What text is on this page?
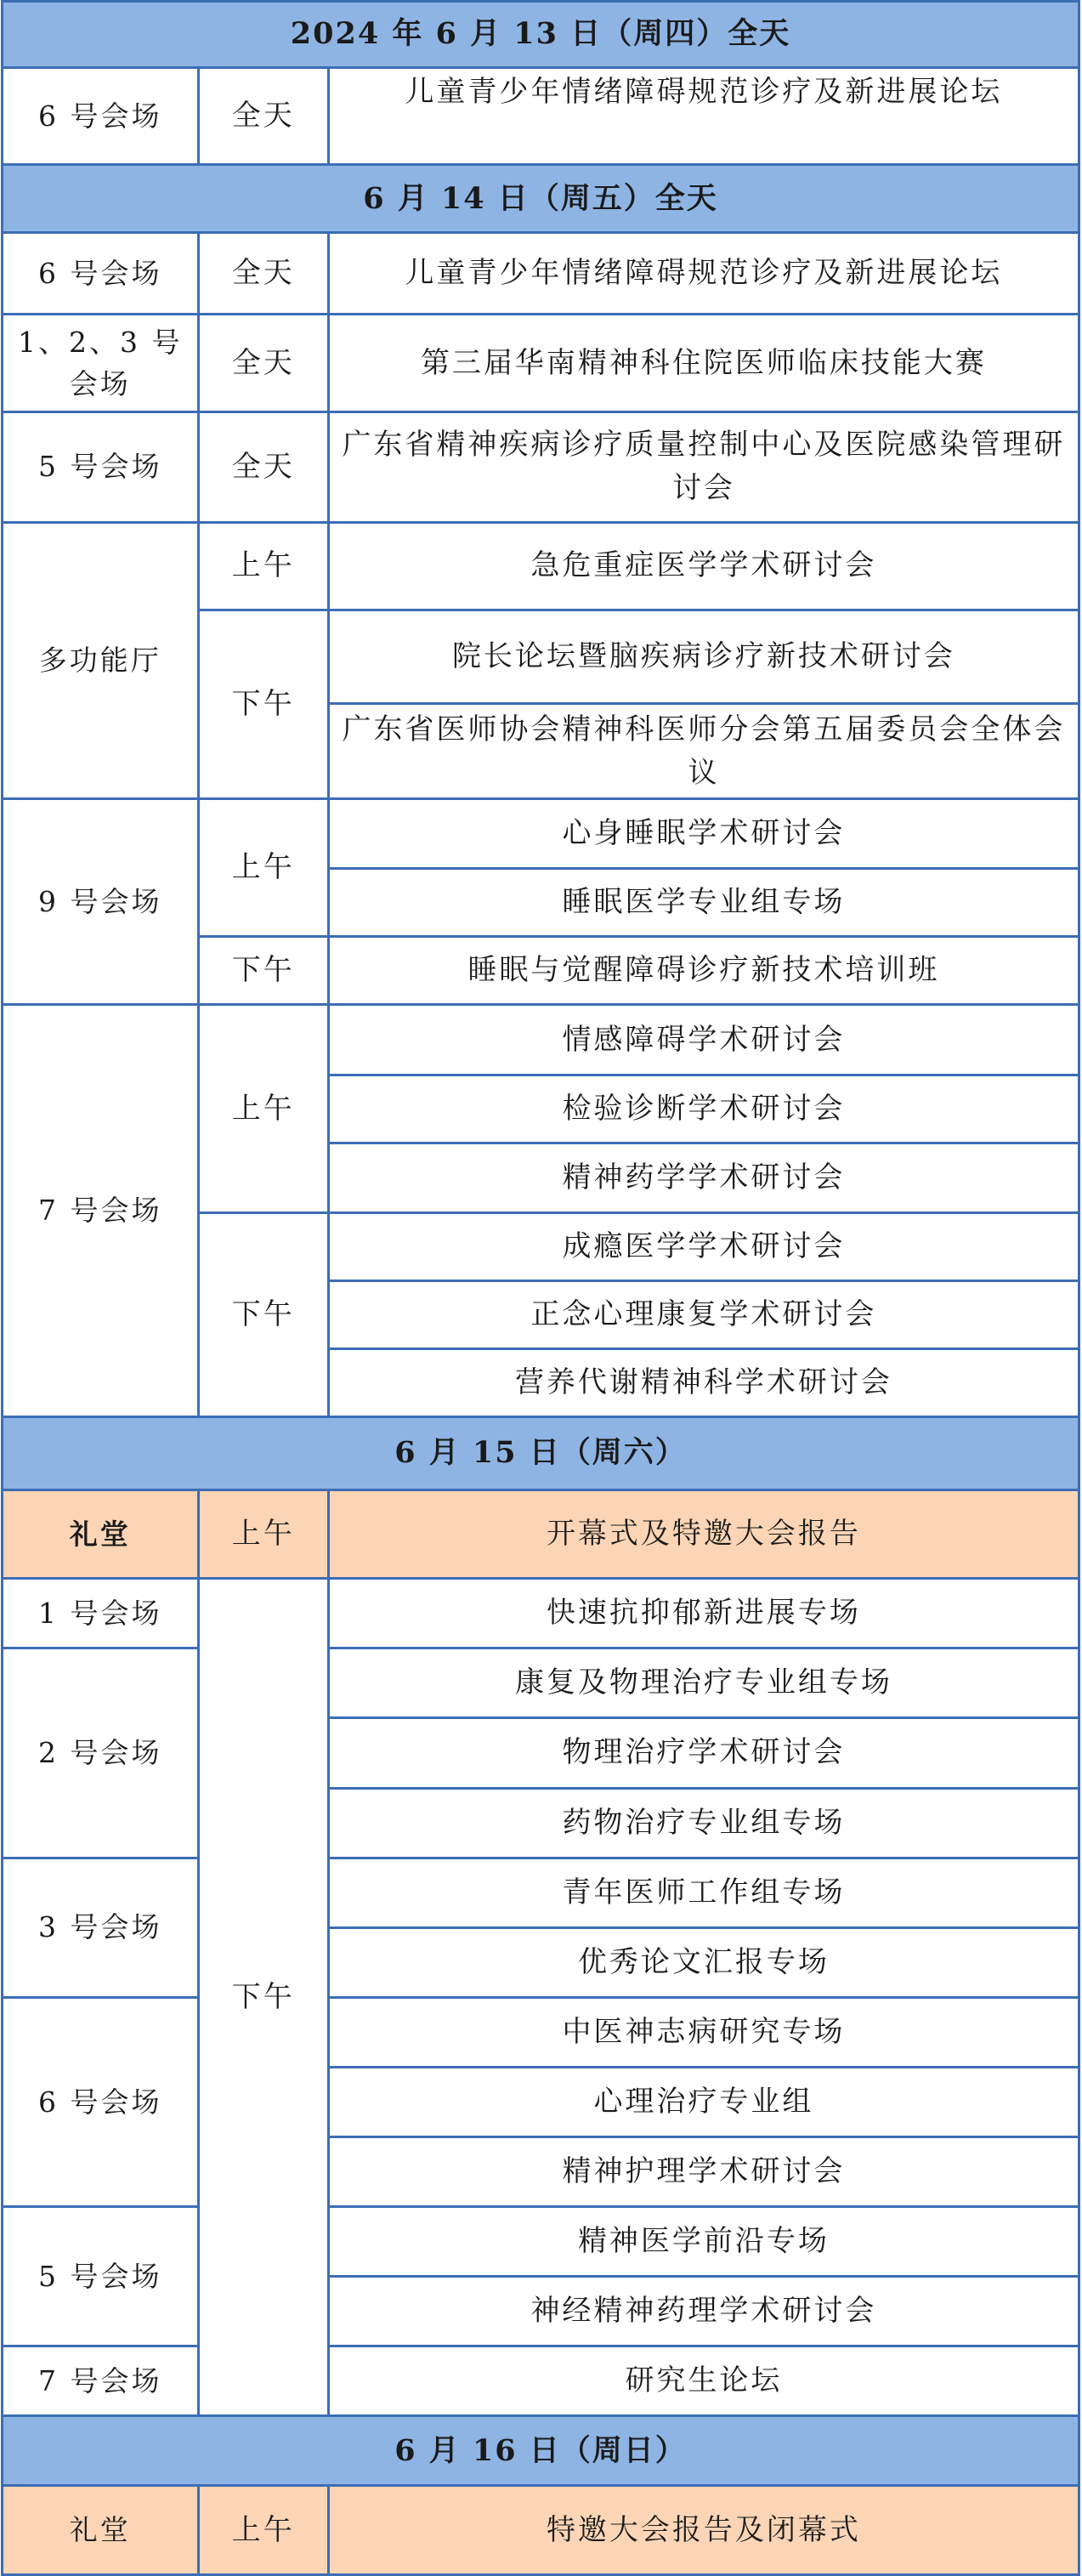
2024 年 6 月 13 日（周四）全天		
6 号会场	全天	儿童青少年情绪障碍规范诊疗及新进展论坛
6 月 14 日（周五）全天		
6 号会场	全天	儿童青少年情绪障碍规范诊疗及新进展论坛
1、2、3 号会场	全天	第三届华南精神科住院医师临床技能大赛
5 号会场	全天	广东省精神疾病诊疗质量控制中心及医院感染管理研讨会
多功能厅	上午	急危重症医学学术研讨会
	下午	院长论坛暨脑疾病诊疗新技术研讨会
		广东省医师协会精神科医师分会第五届委员会全体会议
9 号会场	上午	心身睡眠学术研讨会
		睡眠医学专业组专场
	下午	睡眠与觉醒障碍诊疗新技术培训班
7 号会场	上午	情感障碍学术研讨会
		检验诊断学术研讨会
		精神药学学术研讨会
	下午	成瘾医学学术研讨会
		正念心理康复学术研讨会
		营养代谢精神科学术研讨会
6 月 15 日（周六）		
礼堂	上午	开幕式及特邀大会报告
1 号会场	下午	快速抗抑郁新进展专场
2 号会场		康复及物理治疗专业组专场
		物理治疗学术研讨会
		药物治疗专业组专场
3 号会场		青年医师工作组专场
		优秀论文汇报专场
6 号会场		中医神志病研究专场
		心理治疗专业组
		精神护理学术研讨会
5 号会场		精神医学前沿专场
		神经精神药理学术研讨会
7 号会场		研究生论坛
6 月 16 日（周日）		
礼堂	上午	特邀大会报告及闭幕式
